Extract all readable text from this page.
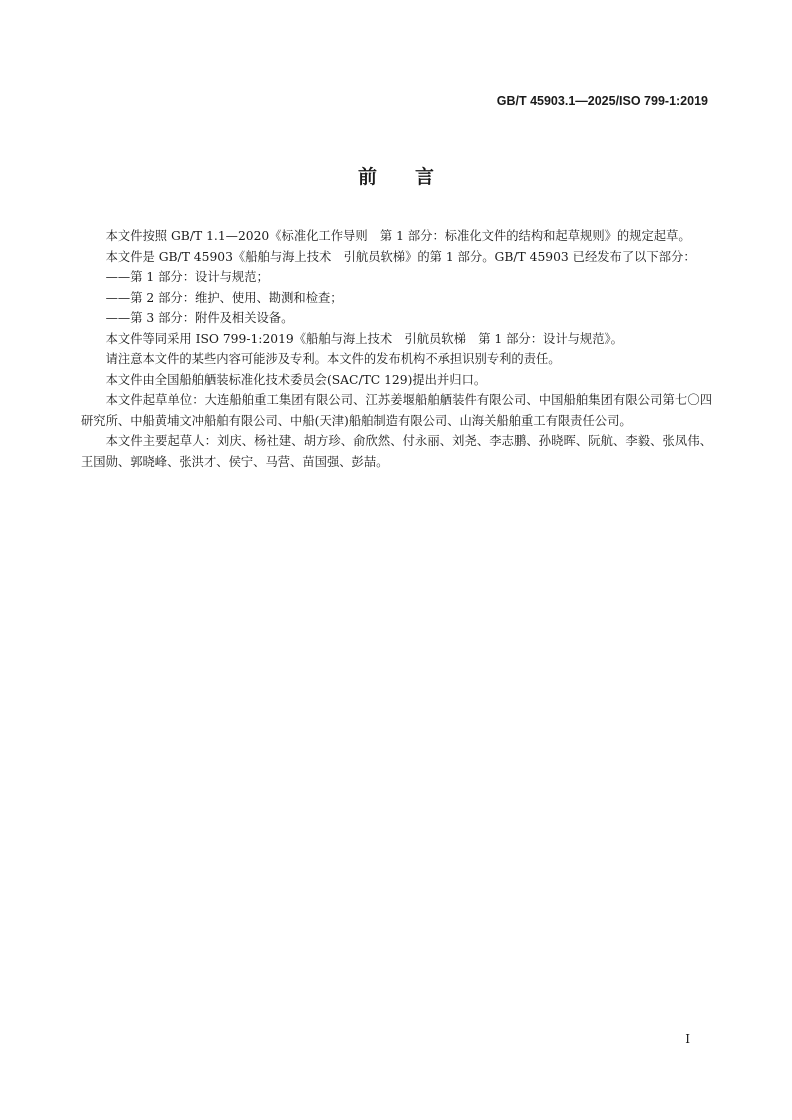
GB/T 45903.1—2025/ISO 799-1:2019
前　　言

本文件按照 GB/T 1.1—2020《标准化工作导则　第 1 部分：标准化文件的结构和起草规则》的规定起草。

本文件是 GB/T 45903《船舶与海上技术　引航员软梯》的第 1 部分。GB/T 45903 已经发布了以下部分：

——第 1 部分：设计与规范；

——第 2 部分：维护、使用、勘测和检查；

——第 3 部分：附件及相关设备。

本文件等同采用 ISO 799-1:2019《船舶与海上技术　引航员软梯　第 1 部分：设计与规范》。

请注意本文件的某些内容可能涉及专利。本文件的发布机构不承担识别专利的责任。

本文件由全国船舶舾装标准化技术委员会(SAC/TC 129)提出并归口。

本文件起草单位：大连船舶重工集团有限公司、江苏姜堰船舶舾装件有限公司、中国船舶集团有限公司第七〇四研究所、中船黄埔文冲船舶有限公司、中船(天津)船舶制造有限公司、山海关船舶重工有限责任公司。

本文件主要起草人：刘庆、杨社建、胡方珍、俞欣然、付永丽、刘尧、李志鹏、孙晓晖、阮航、李毅、张凤伟、王国勋、郭晓峰、张洪才、侯宁、马营、苗国强、彭喆。

I
